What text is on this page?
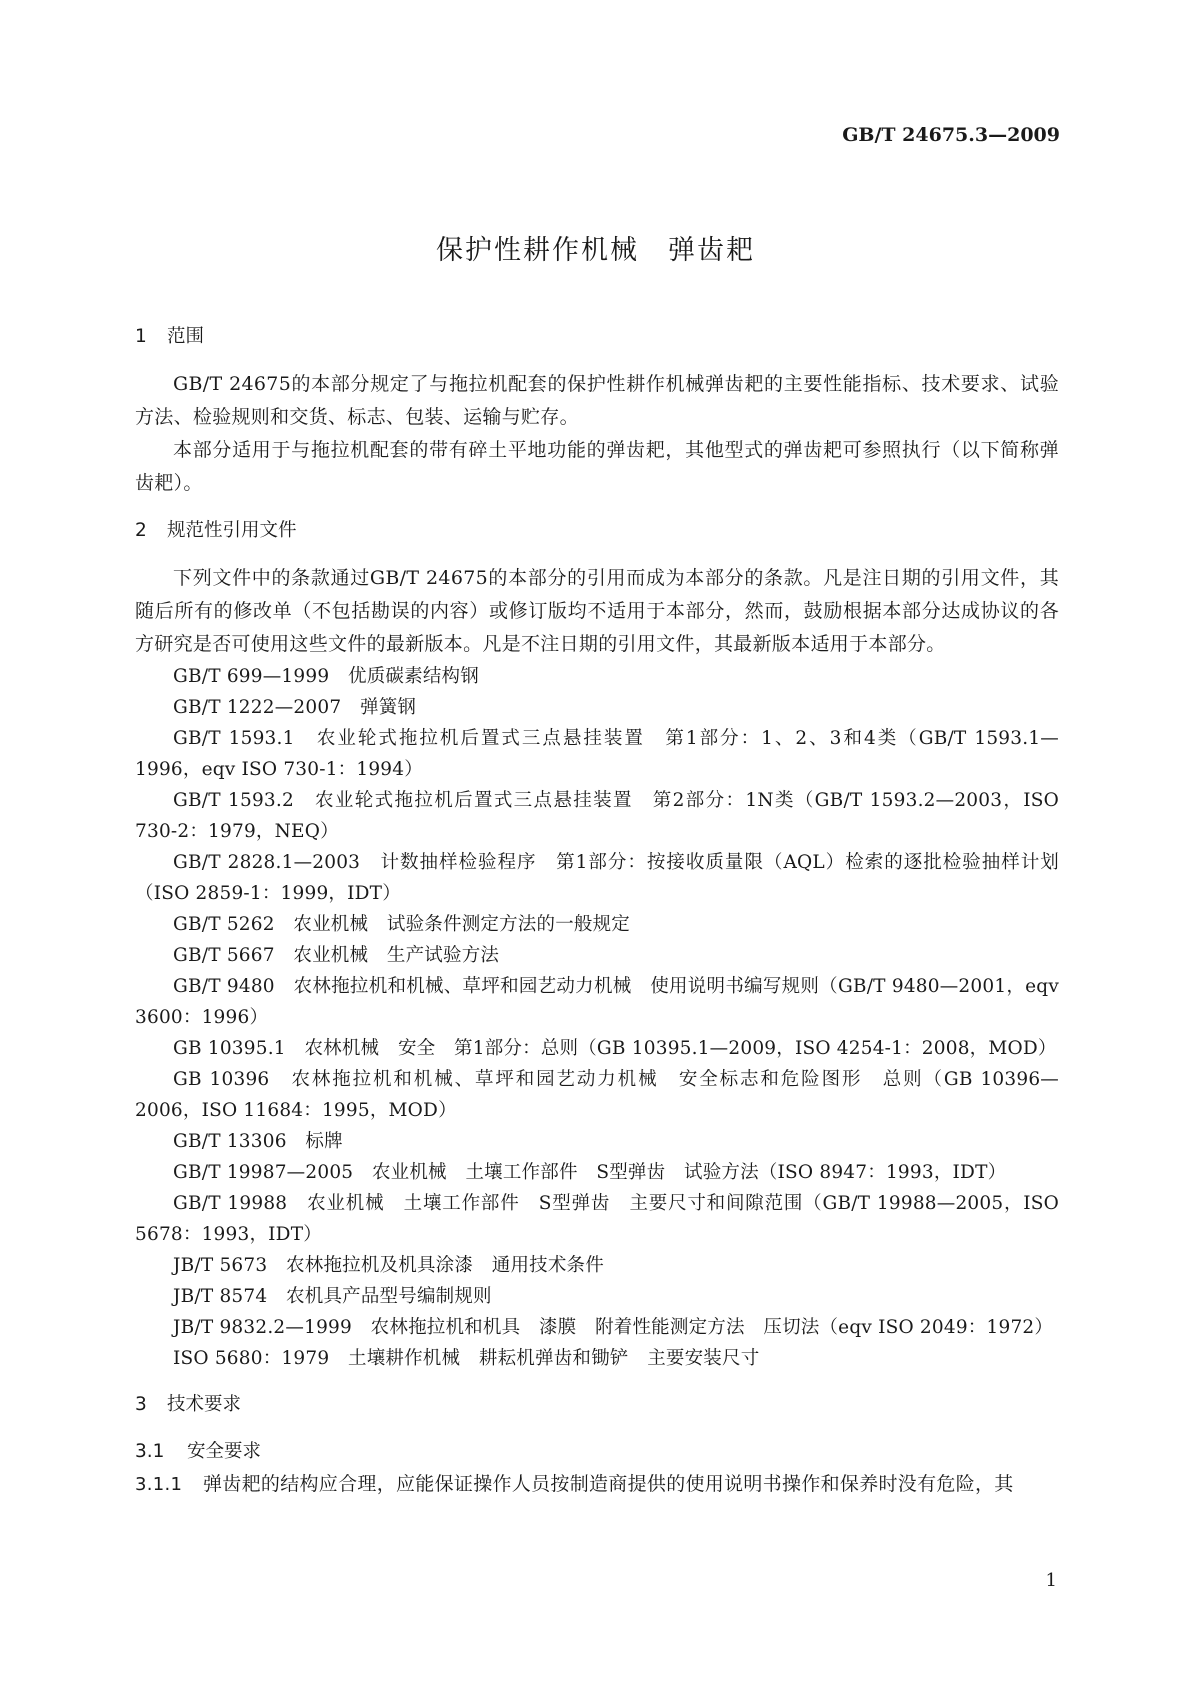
GB/T 24675.3—2009

保护性耕作机械　弹齿耙
1 范围

GB/T 24675的本部分规定了与拖拉机配套的保护性耕作机械弹齿耙的主要性能指标、技术要求、试验方法、检验规则和交货、标志、包装、运输与贮存。

本部分适用于与拖拉机配套的带有碎土平地功能的弹齿耙，其他型式的弹齿耙可参照执行（以下简称弹齿耙）。

2 规范性引用文件

下列文件中的条款通过GB/T 24675的本部分的引用而成为本部分的条款。凡是注日期的引用文件，其随后所有的修改单（不包括勘误的内容）或修订版均不适用于本部分，然而，鼓励根据本部分达成协议的各方研究是否可使用这些文件的最新版本。凡是不注日期的引用文件，其最新版本适用于本部分。

GB/T 699—1999　优质碳素结构钢

GB/T 1222—2007　弹簧钢

GB/T 1593.1　农业轮式拖拉机后置式三点悬挂装置　第1部分：1、2、3和4类（GB/T 1593.1—1996，eqv ISO 730-1：1994）

GB/T 1593.2　农业轮式拖拉机后置式三点悬挂装置　第2部分：1N类（GB/T 1593.2—2003，ISO 730-2：1979，NEQ）

GB/T 2828.1—2003　计数抽样检验程序　第1部分：按接收质量限（AQL）检索的逐批检验抽样计划（ISO 2859-1：1999，IDT）

GB/T 5262　农业机械　试验条件测定方法的一般规定

GB/T 5667　农业机械　生产试验方法

GB/T 9480　农林拖拉机和机械、草坪和园艺动力机械　使用说明书编写规则（GB/T 9480—2001，eqv 3600：1996）

GB 10395.1　农林机械　安全　第1部分：总则（GB 10395.1—2009，ISO 4254-1：2008，MOD）

GB 10396　农林拖拉机和机械、草坪和园艺动力机械　安全标志和危险图形　总则（GB 10396—2006，ISO 11684：1995，MOD）

GB/T 13306　标牌

GB/T 19987—2005　农业机械　土壤工作部件　S型弹齿　试验方法（ISO 8947：1993，IDT）

GB/T 19988　农业机械　土壤工作部件　S型弹齿　主要尺寸和间隙范围（GB/T 19988—2005，ISO 5678：1993，IDT）

JB/T 5673　农林拖拉机及机具涂漆　通用技术条件

JB/T 8574　农机具产品型号编制规则

JB/T 9832.2—1999　农林拖拉机和机具　漆膜　附着性能测定方法　压切法（eqv ISO 2049：1972）

ISO 5680：1979　土壤耕作机械　耕耘机弹齿和锄铲　主要安装尺寸

3 技术要求
3.1 安全要求

3.1.1 弹齿耙的结构应合理，应能保证操作人员按制造商提供的使用说明书操作和保养时没有危险，其

1
